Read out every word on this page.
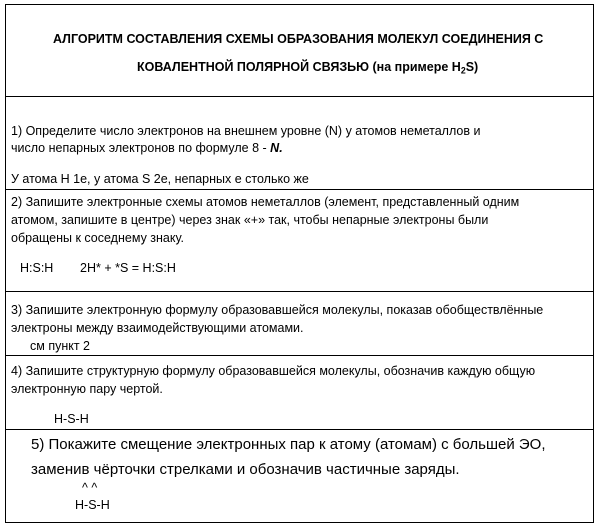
АЛГОРИТМ СОСТАВЛЕНИЯ СХЕМЫ ОБРАЗОВАНИЯ МОЛЕКУЛ СОЕДИНЕНИЯ С
КОВАЛЕНТНОЙ ПОЛЯРНОЙ СВЯЗЬЮ (на примере $H_2S$)
1) Определите число электронов на внешнем уровне (N) у атомов неметаллов и
число непарных электронов по формуле 8 - N.
У атома H 1е, у атома S 2е, непарных е столько же
2) Запишите электронные схемы атомов неметаллов (элемент, представленный одним
атомом, запишите в центре) через знак «+» так, чтобы непарные электроны были
обращены к соседнему знаку.
H:S:H 2H* + *S = H:S:H
3) Запишите электронную формулу образовавшейся молекулы, показав обобществлённые
электроны между взаимодействующими атомами.
см пункт 2
4) Запишите структурную формулу образовавшейся молекулы, обозначив каждую общую
электронную пару чертой.
H-S-H
5) Покажите смещение электронных пар к атому (атомам) с большей ЭО,
заменив чёрточки стрелками и обозначив частичные заряды.
^ ^
H-S-H
